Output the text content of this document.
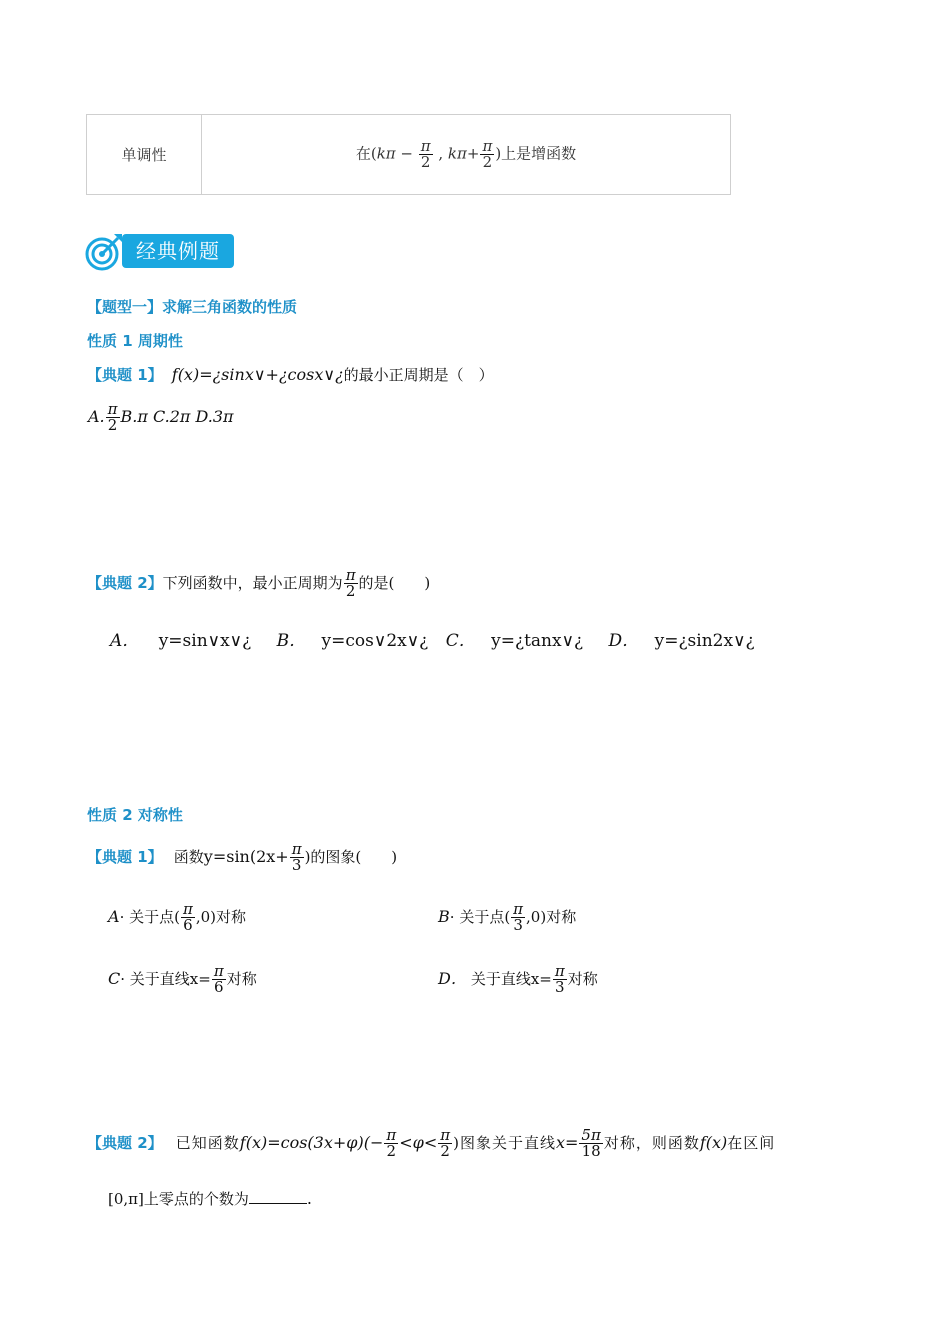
单调性	在($k\pi - \frac{\pi}{2}$ , $k\pi+ \frac{\pi}{2}$ )上是增函数
经典例题
【题型一】求解三角函数的性质
性质 1 周期性
【典题 1】 f(x)=¿sinx∨+¿cosx∨¿的最小正周期是（　）
A. $\frac{\pi}{2} B.\pi$ C.2π D.3π
【典题 2】下列函数中，最小正周期为 $\frac{\pi}{2}$ 的是(　　)
A． y=sin∨x∨¿ B． y=cos∨2x∨¿ C． y=¿tanx∨¿ D． y=¿sin2x∨¿
性质 2 对称性
【典题 1】 函数$y=\sin(2x+ \frac{\pi}{3}$ )的图象(　　)
A· 关于点( $\frac{\pi}{6} ,0$)对称	B· 关于点( $\frac{\pi}{3} ,0$)对称
C· 关于直线$x= \frac{\pi}{6}$ 对称	D． 关于直线$x= \frac{\pi}{3}$ 对称
【典题 2】 已知函数$f(x)=\cos(3x+\varphi)(- \frac{\pi}{2} <\varphi< \frac{\pi}{2}$ )图象关于直线$x= \frac{5\pi}{18}$ 对称，则函数f(x)在区间
[0,π]上零点的个数为	.
